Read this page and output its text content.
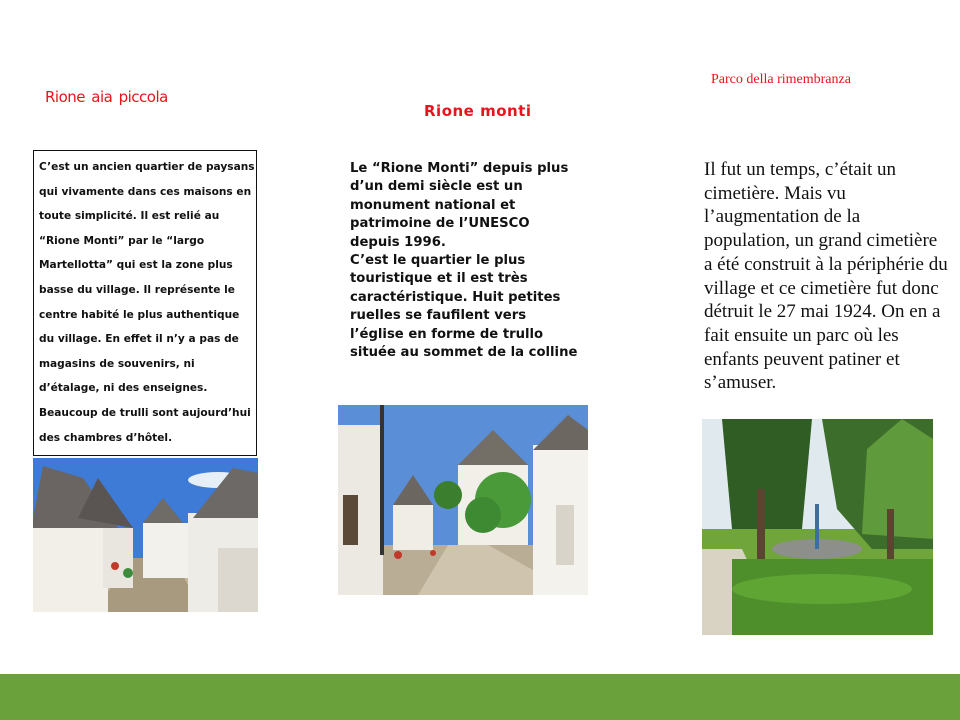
Rione aia piccola
Rione monti
Parco della rimembranza

C’est un ancien quartier de paysans qui vivamente dans ces maisons en toute simplicité. Il est relié au “Rione Monti” par le “largo Martellotta” qui est la zone plus basse du village. Il représente le centre habité le plus authentique du village. En effet il n’y a pas de magasins de souvenirs, ni d’étalage, ni des enseignes. Beaucoup de trulli sont aujourd’hui des chambres d’hôtel.

Le “Rione Monti” depuis plus d’un demi siècle est un monument national et patrimoine de l’UNESCO depuis 1996.
C’est le quartier le plus touristique et il est très caractéristique. Huit petites ruelles se faufilent vers l’église en forme de trullo située au sommet de la colline

Il fut un temps, c’était un cimetière. Mais vu l’augmentation de la population, un grand cimetière a été construit à la périphérie du village et ce cimetière fut donc détruit le 27 mai 1924. On en a fait ensuite un parc où les enfants peuvent patiner et s’amuser.
